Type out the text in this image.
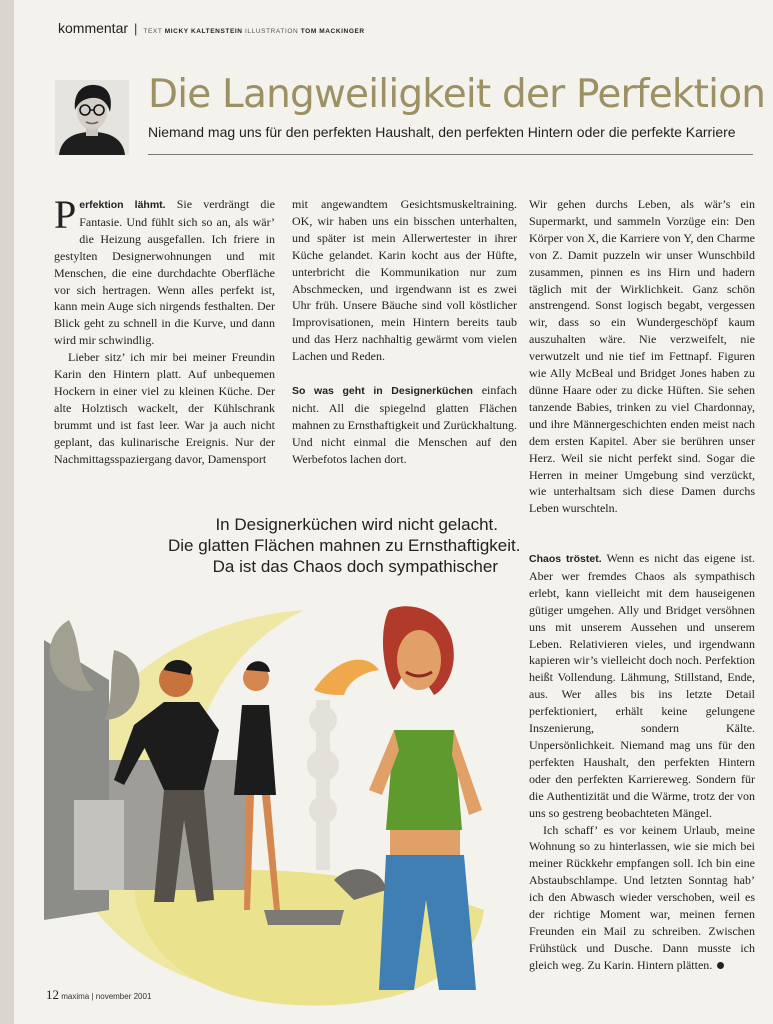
kommentar | TEXT MICKY KALTENSTEIN ILLUSTRATION TOM MACKINGER
Die Langweiligkeit der Perfektion
Niemand mag uns für den perfekten Haushalt, den perfekten Hintern oder die perfekte Karriere

Perfektion lähmt. Sie verdrängt die Fantasie. Und fühlt sich so an, als wär’ die Heizung ausgefallen. Ich friere in gestylten Designerwohnungen und mit Menschen, die eine durchdachte Oberfläche vor sich hertragen. Wenn alles perfekt ist, kann mein Auge sich nirgends festhalten. Der Blick geht zu schnell in die Kurve, und dann wird mir schwindlig.

Lieber sitz’ ich mir bei meiner Freundin Karin den Hintern platt. Auf unbequemen Hockern in einer viel zu kleinen Küche. Der alte Holztisch wackelt, der Kühlschrank brummt und ist fast leer. War ja auch nicht geplant, das kulinarische Ereignis. Nur der Nachmittagsspaziergang davor, Damensport

mit angewandtem Gesichtsmuskeltraining. OK, wir haben uns ein bisschen unterhalten, und später ist mein Allerwertester in ihrer Küche gelandet. Karin kocht aus der Hüfte, unterbricht die Kommunikation nur zum Abschmecken, und irgendwann ist es zwei Uhr früh. Unsere Bäuche sind voll köstlicher Improvisationen, mein Hintern bereits taub und das Herz nachhaltig gewärmt vom vielen Lachen und Reden.

So was geht in Designerküchen einfach nicht. All die spiegelnd glatten Flächen mahnen zu Ernsthaftigkeit und Zurückhaltung. Und nicht einmal die Menschen auf den Werbefotos lachen dort.

Wir gehen durchs Leben, als wär’s ein Supermarkt, und sammeln Vorzüge ein: Den Körper von X, die Karriere von Y, den Charme von Z. Damit puzzeln wir unser Wunschbild zusammen, pinnen es ins Hirn und hadern täglich mit der Wirklichkeit. Ganz schön anstrengend. Sonst logisch begabt, vergessen wir, dass so ein Wundergeschöpf kaum auszuhalten wäre. Nie verzweifelt, nie verwutzelt und nie tief im Fettnapf. Figuren wie Ally McBeal und Bridget Jones haben zu dünne Haare oder zu dicke Hüften. Sie sehen tanzende Babies, trinken zu viel Chardonnay, und ihre Männergeschichten enden meist nach dem ersten Kapitel. Aber sie berühren unser Herz. Weil sie nicht perfekt sind. Sogar die Herren in meiner Umgebung sind verzückt, wie unterhaltsam sich diese Damen durchs Leben wurschteln.

Chaos tröstet. Wenn es nicht das eigene ist. Aber wer fremdes Chaos als sympathisch erlebt, kann vielleicht mit dem hauseigenen gütiger umgehen. Ally und Bridget versöhnen uns mit unserem Aussehen und unserem Leben. Relativieren vieles, und irgendwann kapieren wir’s vielleicht doch noch. Perfektion heißt Vollendung. Lähmung, Stillstand, Ende, aus. Wer alles bis ins letzte Detail perfektioniert, erhält keine gelungene Inszenierung, sondern Kälte. Unpersönlichkeit. Niemand mag uns für den perfekten Haushalt, den perfekten Hintern oder den perfekten Karriereweg. Sondern für die Authentizität und die Wärme, trotz der von uns so gestreng beobachteten Mängel.

Ich schaff’ es vor keinem Urlaub, meine Wohnung so zu hinterlassen, wie sie mich bei meiner Rückkehr empfangen soll. Ich bin eine Abstaubschlampe. Und letzten Sonntag hab’ ich den Abwasch wieder verschoben, weil es der richtige Moment war, meinen fernen Freunden ein Mail zu schreiben. Zwischen Frühstück und Dusche. Dann musste ich gleich weg. Zu Karin. Hintern plätten.

In Designerküchen wird nicht gelacht.
Die glatten Flächen mahnen zu Ernsthaftigkeit.
Da ist das Chaos doch sympathischer
12 maxima | november 2001
